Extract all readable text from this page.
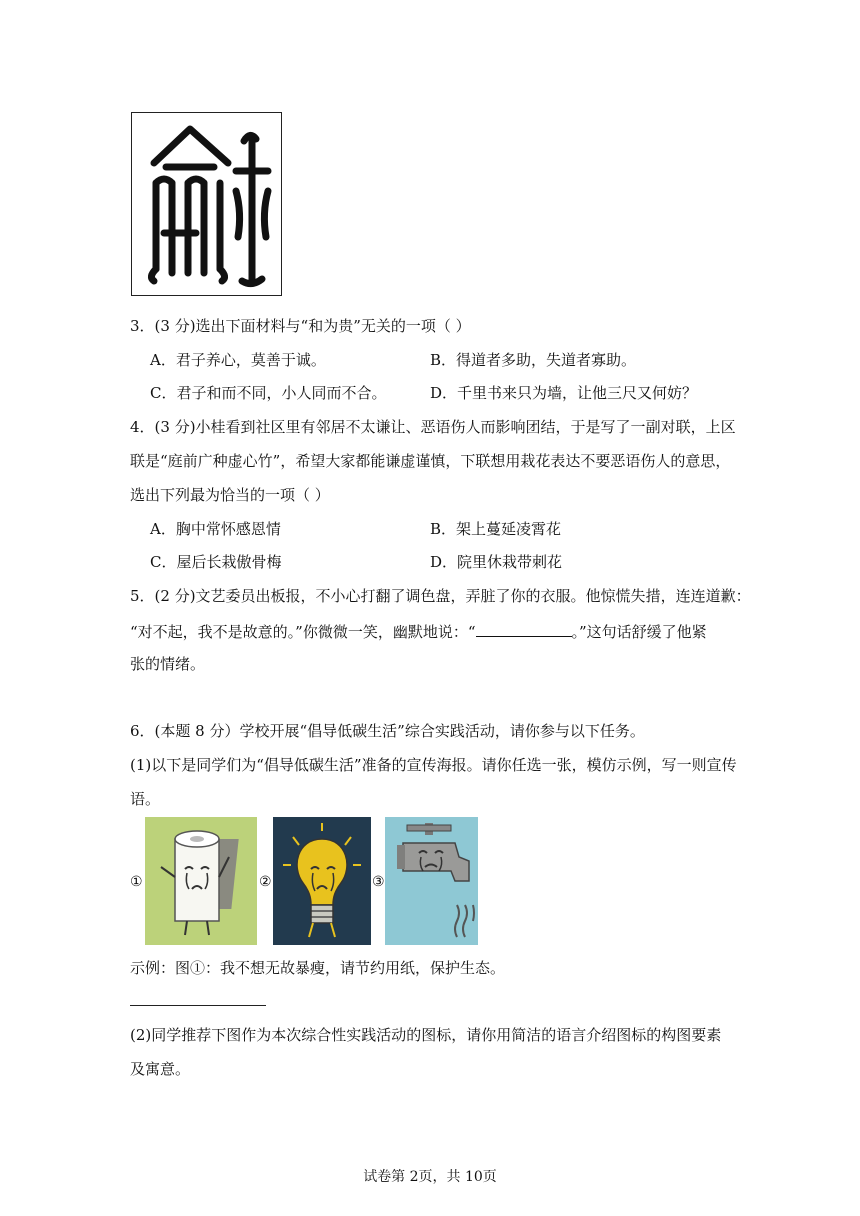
3．(3 分)选出下面材料与“和为贵”无关的一项（ ）
A．君子养心，莫善于诚。	B．得道者多助，失道者寡助。
C．君子和而不同，小人同而不合。	D．千里书来只为墙，让他三尺又何妨？
4．(3 分)小桂看到社区里有邻居不太谦让、恶语伤人而影响团结，于是写了一副对联，上区
联是“庭前广种虚心竹”，希望大家都能谦虚谨慎，下联想用栽花表达不要恶语伤人的意思，
选出下列最为恰当的一项（ ）
A．胸中常怀感恩情	B．架上蔓延凌霄花
C．屋后长栽傲骨梅	D．院里休栽带刺花
5．(2 分)文艺委员出板报，不小心打翻了调色盘，弄脏了你的衣服。他惊慌失措，连连道歉：
“对不起，我不是故意的。”你微微一笑，幽默地说：“	。”这句话舒缓了他紧
张的情绪。
6．(本题 8 分）学校开展“倡导低碳生活”综合实践活动，请你参与以下任务。
(1)以下是同学们为“倡导低碳生活”准备的宣传海报。请你任选一张，模仿示例，写一则宣传
语。
①	②	③
示例：图①：我不想无故暴瘦，请节约用纸，保护生态。
(2)同学推荐下图作为本次综合性实践活动的图标，请你用简洁的语言介绍图标的构图要素
及寓意。
试卷第 2页，共 10页
